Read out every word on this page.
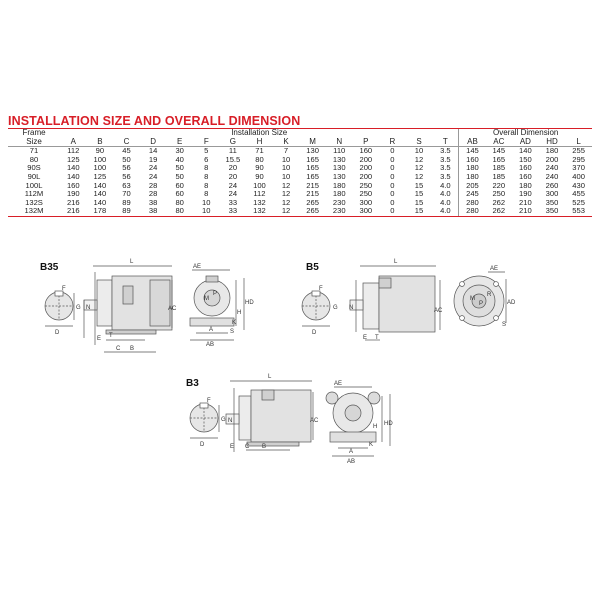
INSTALLATION SIZE AND OVERALL DIMENSION
Frame	Installation Size															Overall Dimension				
Size	A	B	C	D	E	F	G	H	K	M	N	P	R	S	T	AB	AC	AD	HD	L
71	112	90	45	14	30	5	11	71	7	130	110	160	0	10	3.5	145	145	140	180	255
80	125	100	50	19	40	6	15.5	80	10	165	130	200	0	12	3.5	160	165	150	200	295
90S	140	100	56	24	50	8	20	90	10	165	130	200	0	12	3.5	180	185	160	240	370
90L	140	125	56	24	50	8	20	90	10	165	130	200	0	12	3.5	180	185	160	240	400
100L	160	140	63	28	60	8	24	100	12	215	180	250	0	15	4.0	205	220	180	260	430
112M	190	140	70	28	60	8	24	112	12	215	180	250	0	15	4.0	245	250	190	300	455
132S	216	140	89	38	80	10	33	132	12	265	230	300	0	15	4.0	280	262	210	350	525
132M	216	178	89	38	80	10	33	132	12	265	230	300	0	15	4.0	280	262	210	350	553
B35	B5
B3
F
G
D
L
N
E T
C B
AC
AE
M
P
HD
H
K
S
A
AB
F
G
D
L
N
E T
AC
AE
M
P	AD
R
S
F
G
D
L
N
E C B
AC
AE
HD
H
K
A
AB
